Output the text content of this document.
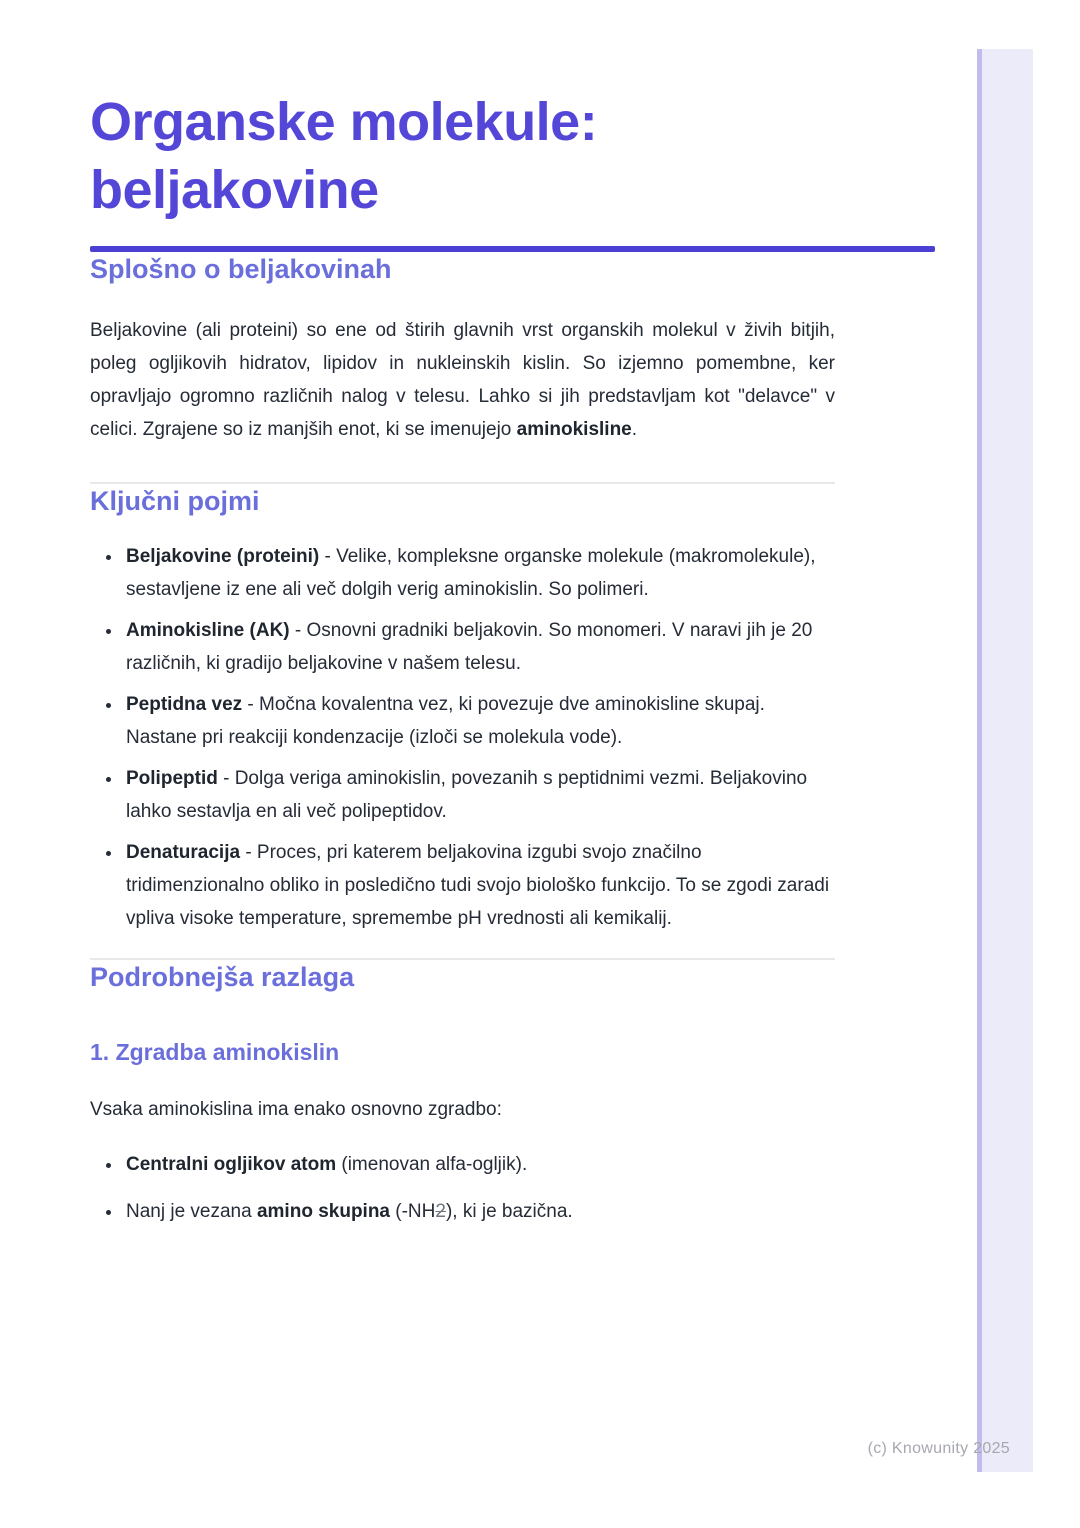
(c) Knowunity 2025
Organske molekule: beljakovine
Splošno o beljakovinah

Beljakovine (ali proteini) so ene od štirih glavnih vrst organskih molekul v živih bitjih, poleg ogljikovih hidratov, lipidov in nukleinskih kislin. So izjemno pomembne, ker opravljajo ogromno različnih nalog v telesu. Lahko si jih predstavljam kot "delavce" v celici. Zgrajene so iz manjših enot, ki se imenujejo aminokisline.

Ključni pojmi
• Beljakovine (proteini) - Velike, kompleksne organske molekule (makromolekule), sestavljene iz ene ali več dolgih verig aminokislin. So polimeri.
• Aminokisline (AK) - Osnovni gradniki beljakovin. So monomeri. V naravi jih je 20 različnih, ki gradijo beljakovine v našem telesu.
• Peptidna vez - Močna kovalentna vez, ki povezuje dve aminokisline skupaj. Nastane pri reakciji kondenzacije (izloči se molekula vode).
• Polipeptid - Dolga veriga aminokislin, povezanih s peptidnimi vezmi. Beljakovino lahko sestavlja en ali več polipeptidov.
• Denaturacija - Proces, pri katerem beljakovina izgubi svojo značilno tridimenzionalno obliko in posledično tudi svojo biološko funkcijo. To se zgodi zaradi vpliva visoke temperature, spremembe pH vrednosti ali kemikalij.
Podrobnejša razlaga
1. Zgradba aminokislin

Vsaka aminokislina ima enako osnovno zgradbo:

• Centralni ogljikov atom (imenovan alfa-ogljik).
• Nanj je vezana amino skupina (-NH2), ki je bazična.
